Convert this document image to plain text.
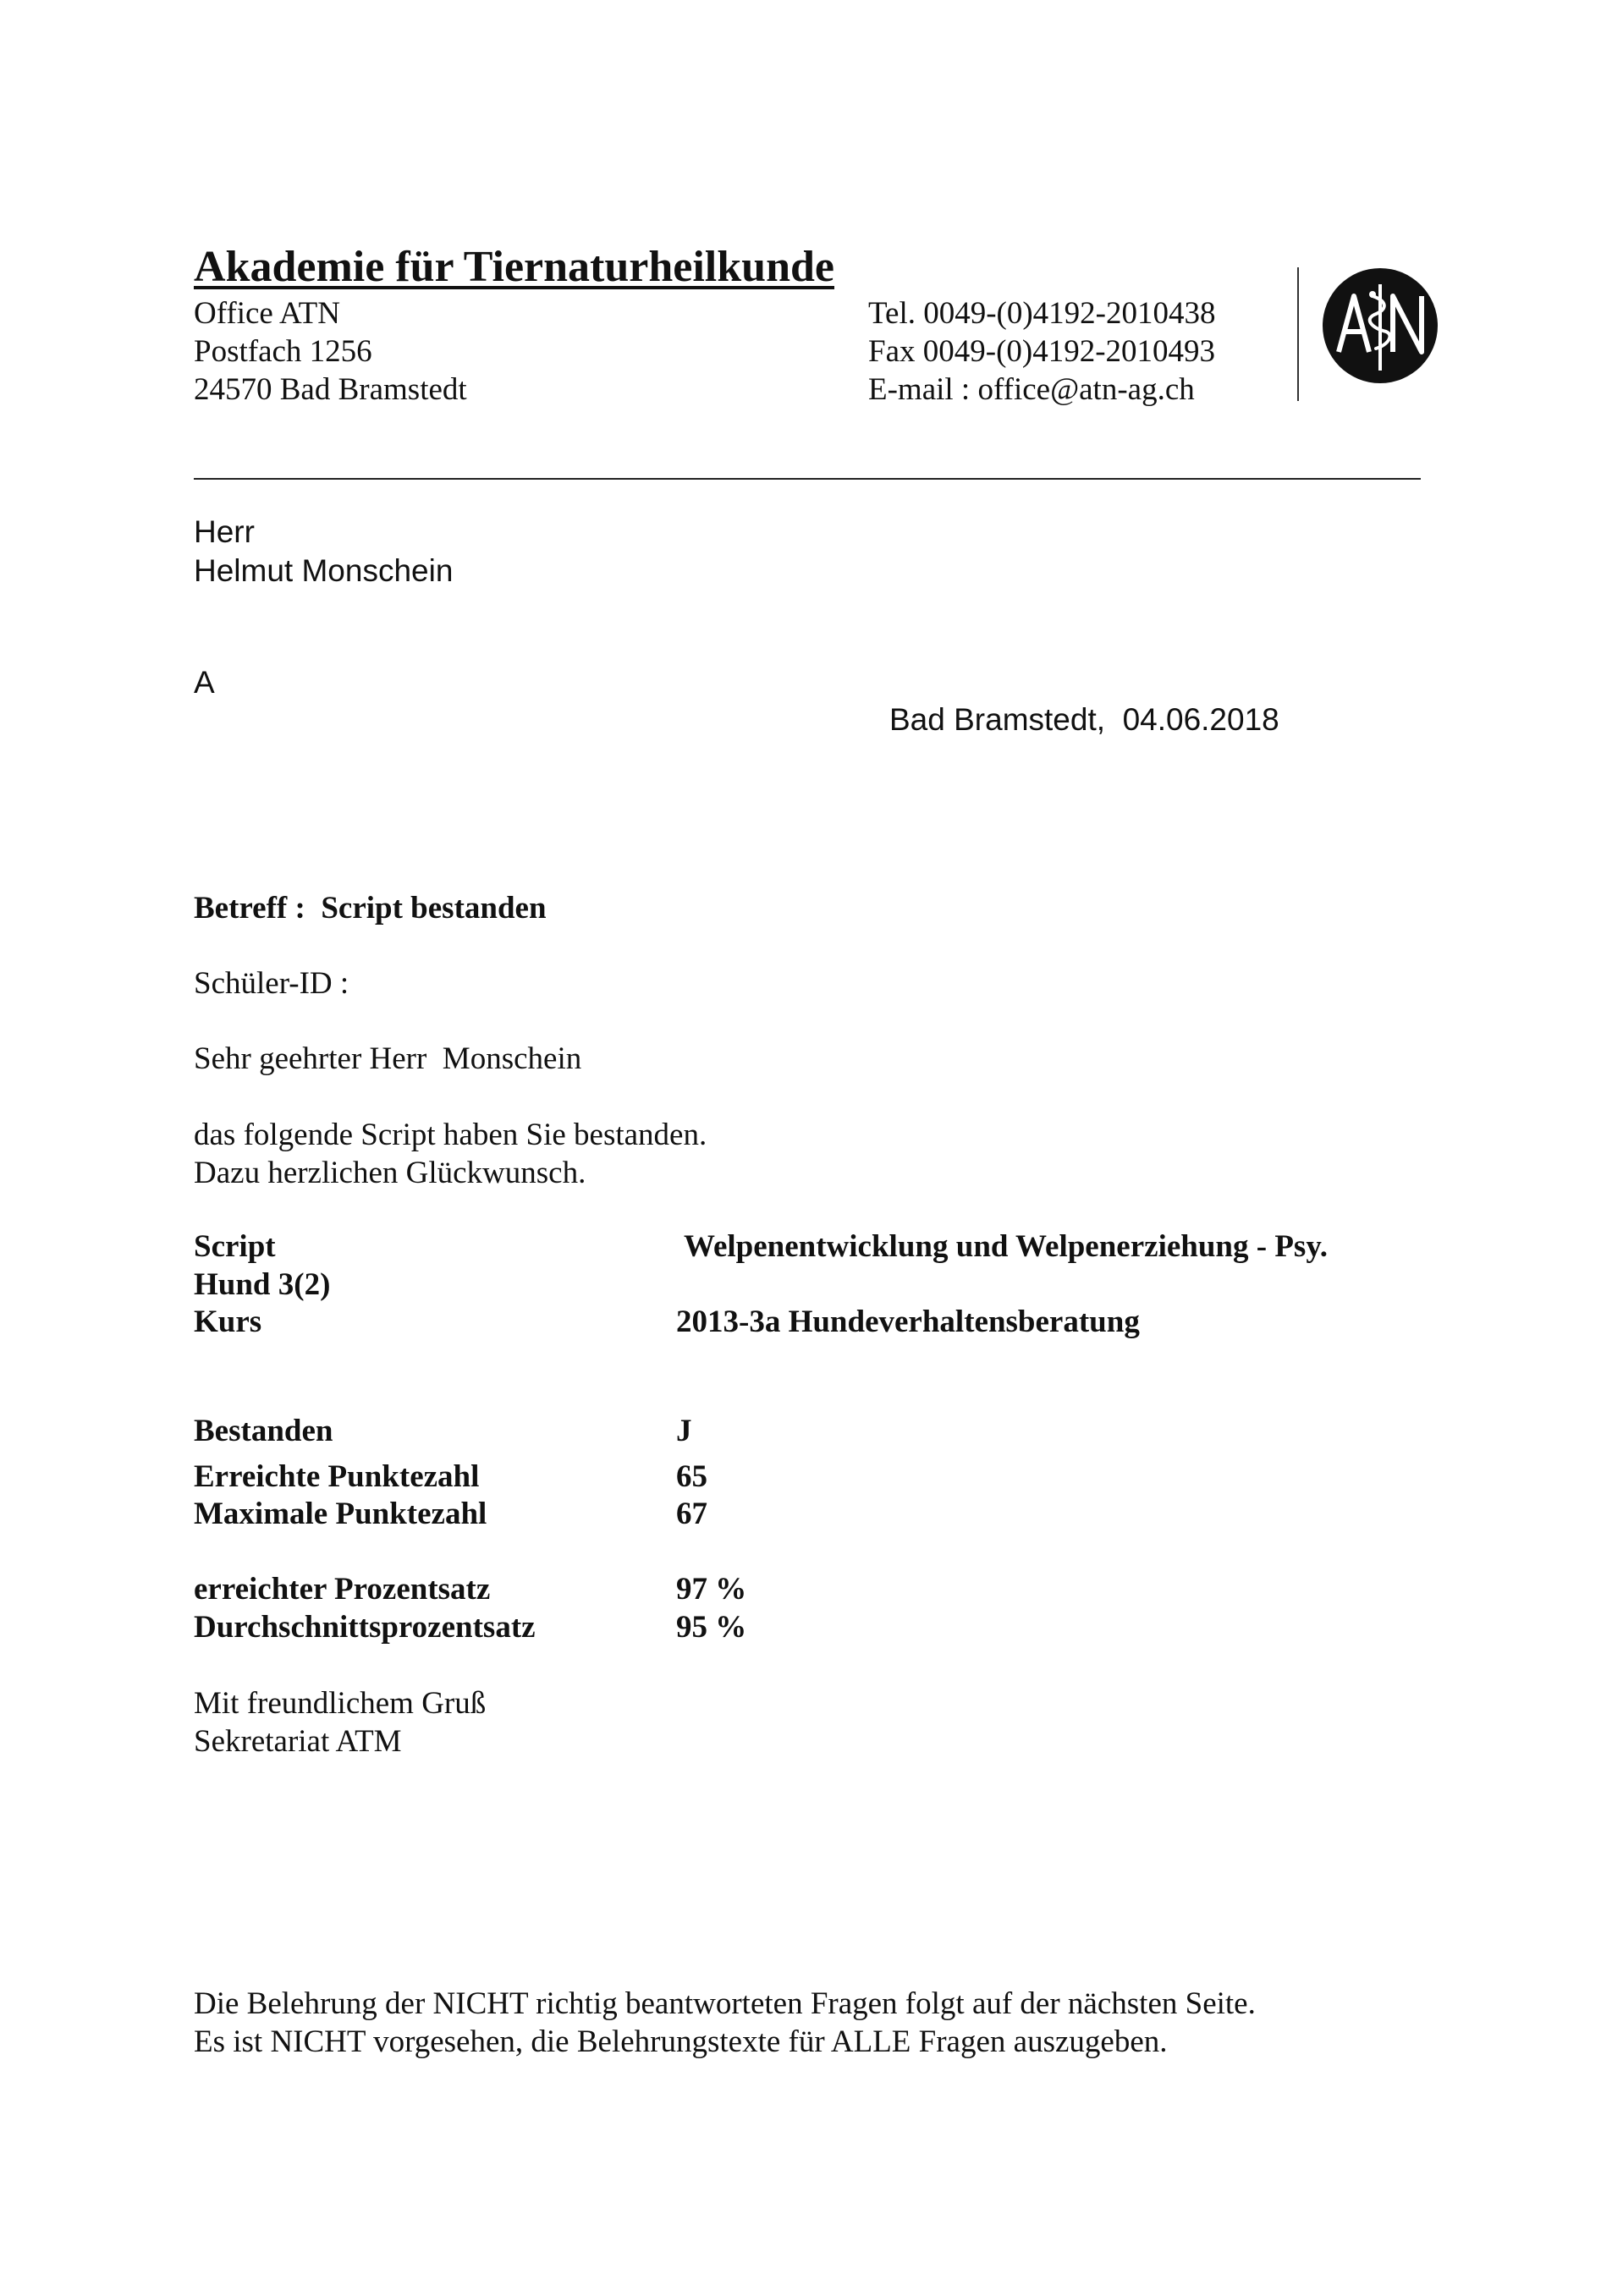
Akademie für Tiernaturheilkunde
Office ATN
Postfach 1256
24570 Bad Bramstedt
Tel. 0049-(0)4192-2010438
Fax 0049-(0)4192-2010493
E-mail : office@atn-ag.ch
Herr
Helmut Monschein
A
Bad Bramstedt,  04.06.2018
Betreff :  Script bestanden
Schüler-ID :
Sehr geehrter Herr  Monschein
das folgende Script haben Sie bestanden.
Dazu herzlichen Glückwunsch.
Script	Welpenentwicklung und Welpenerziehung - Psy.
Hund 3(2)
Kurs	2013-3a Hundeverhaltensberatung
Bestanden	J
Erreichte Punktezahl	65
Maximale Punktezahl	67
erreichter Prozentsatz	97 %
Durchschnittsprozentsatz	95 %
Mit freundlichem Gruß
Sekretariat ATM
Die Belehrung der NICHT richtig beantworteten Fragen folgt auf der nächsten Seite.
Es ist NICHT vorgesehen, die Belehrungstexte für ALLE Fragen auszugeben.
